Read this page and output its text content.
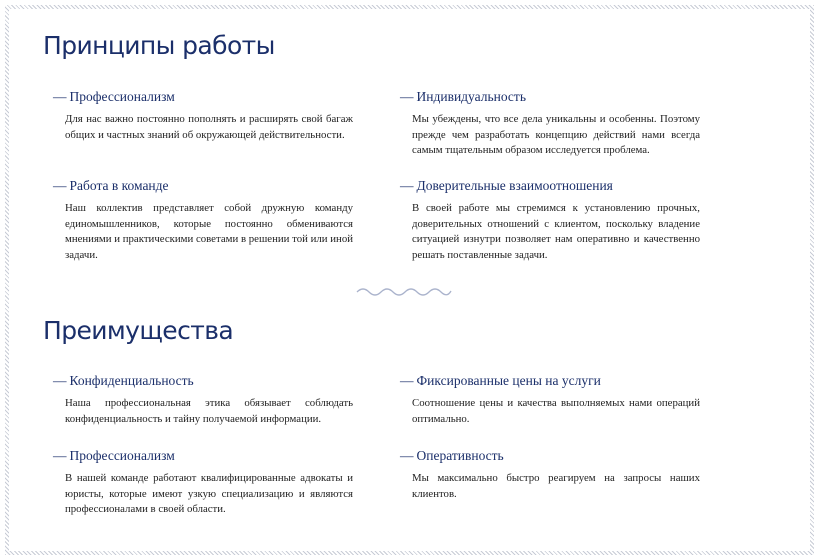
Принципы работы
— Профессионализм

Для нас важно постоянно пополнять и расширять свой багаж общих и частных знаний об окружающей действительности.

— Индивидуальность

Мы убеждены, что все дела уникальны и особенны. Поэтому прежде чем разработать концепцию действий нами всегда самым тщательным образом исследуется проблема.

— Работа в команде

Наш коллектив представляет собой дружную команду единомышленников, которые постоянно обмениваются мнениями и практическими советами в решении той или иной задачи.

— Доверительные взаимоотношения

В своей работе мы стремимся к установлению прочных, доверительных отношений с клиентом, поскольку владение ситуацией изнутри позволяет нам оперативно и качественно решать поставленные задачи.

Преимущества
— Конфиденциальность

Наша профессиональная этика обязывает соблюдать конфиденциальность и тайну получаемой информации.

— Фиксированные цены на услуги

Соотношение цены и качества выполняемых нами операций оптимально.

— Профессионализм

В нашей команде работают квалифицированные адвокаты и юристы, которые имеют узкую специализацию и являются профессионалами в своей области.

— Оперативность

Мы максимально быстро реагируем на запросы наших клиентов.
